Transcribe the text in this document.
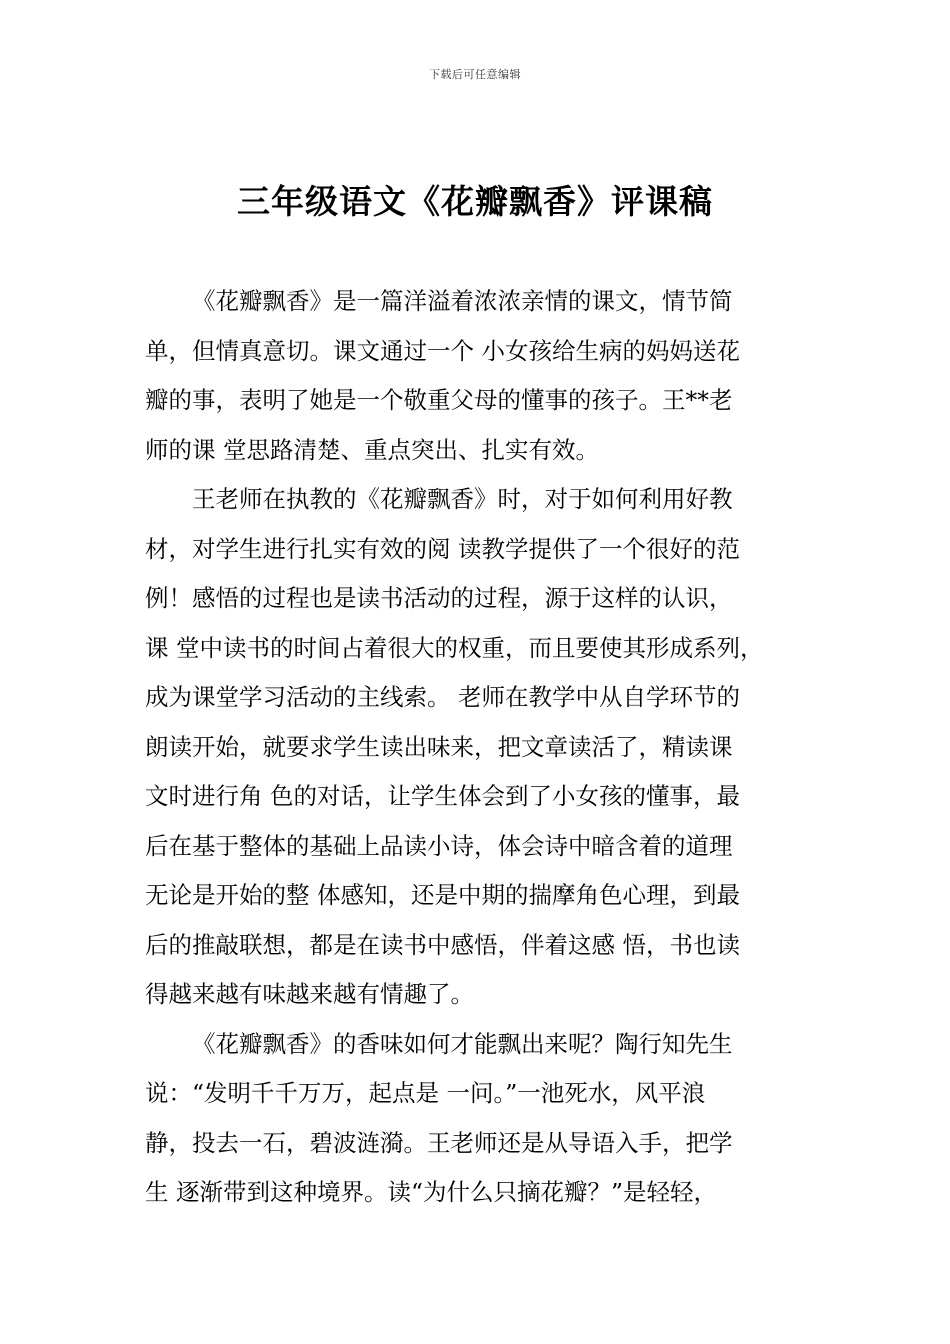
下载后可任意编辑
三年级语文《花瓣飘香》评课稿
《花瓣飘香》是一篇洋溢着浓浓亲情的课文，情节简
单，但情真意切。课文通过一个 小女孩给生病的妈妈送花
瓣的事，表明了她是一个敬重父母的懂事的孩子。王**老
师的课 堂思路清楚、重点突出、扎实有效。
王老师在执教的《花瓣飘香》时，对于如何利用好教
材，对学生进行扎实有效的阅 读教学提供了一个很好的范
例！感悟的过程也是读书活动的过程，源于这样的认识，
课 堂中读书的时间占着很大的权重，而且要使其形成系列，
成为课堂学习活动的主线索。 老师在教学中从自学环节的
朗读开始，就要求学生读出味来，把文章读活了，精读课
文时进行角 色的对话，让学生体会到了小女孩的懂事，最
后在基于整体的基础上品读小诗，体会诗中暗含着的道理
无论是开始的整 体感知，还是中期的揣摩角色心理，到最
后的推敲联想，都是在读书中感悟，伴着这感 悟，书也读
得越来越有味越来越有情趣了。
《花瓣飘香》的香味如何才能飘出来呢？陶行知先生
说：“发明千千万万，起点是 一问。”一池死水，风平浪
静，投去一石，碧波涟漪。王老师还是从导语入手，把学
生 逐渐带到这种境界。读“为什么只摘花瓣？”是轻轻，
